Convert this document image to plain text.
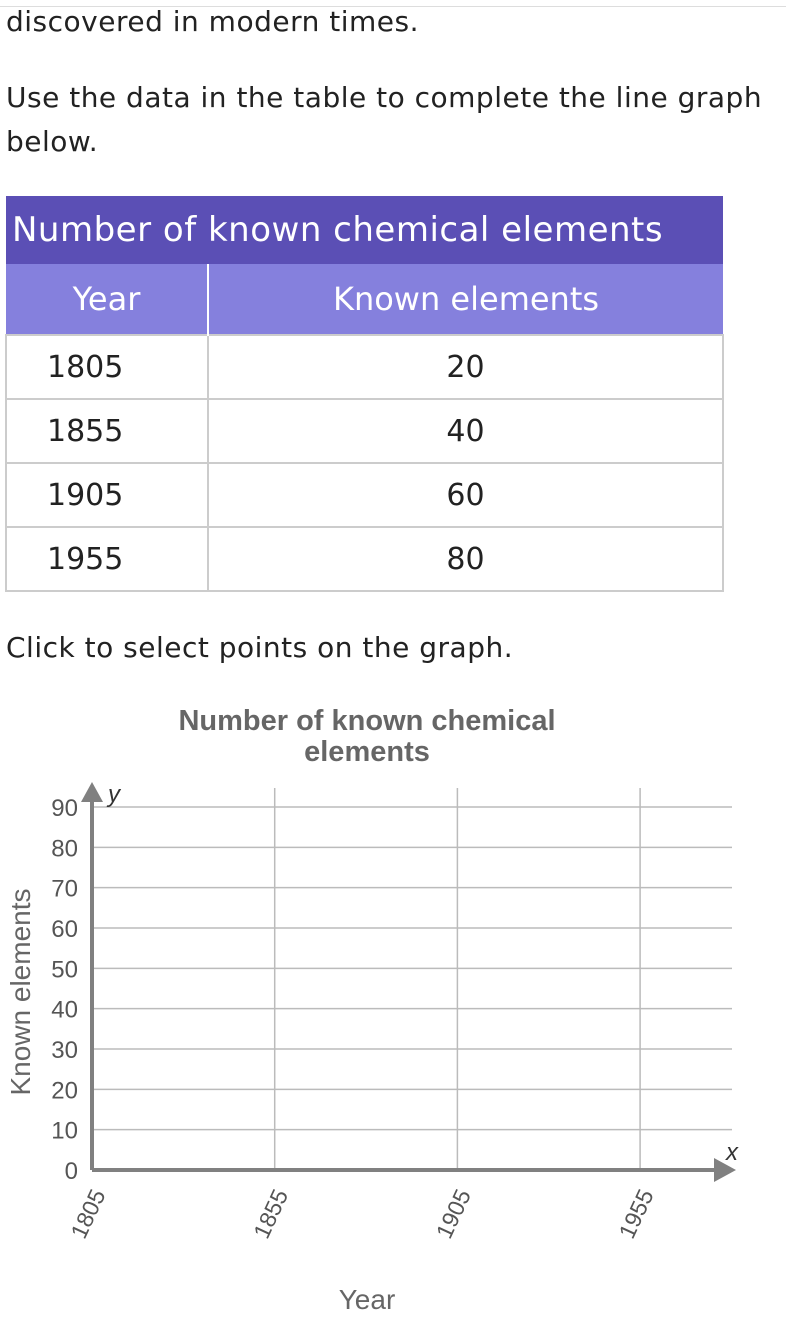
discovered in modern times.
Use the data in the table to complete the line graph below.
Number of known chemical elements	
Year	Known elements
1805	20
1855	40
1905	60
1955	80
Click to select points on the graph.
Number of known chemical elements
0
10
20
30
40
50
60
70
80
90
1805	1855	1905	1955
y
x
Year
Known elements
